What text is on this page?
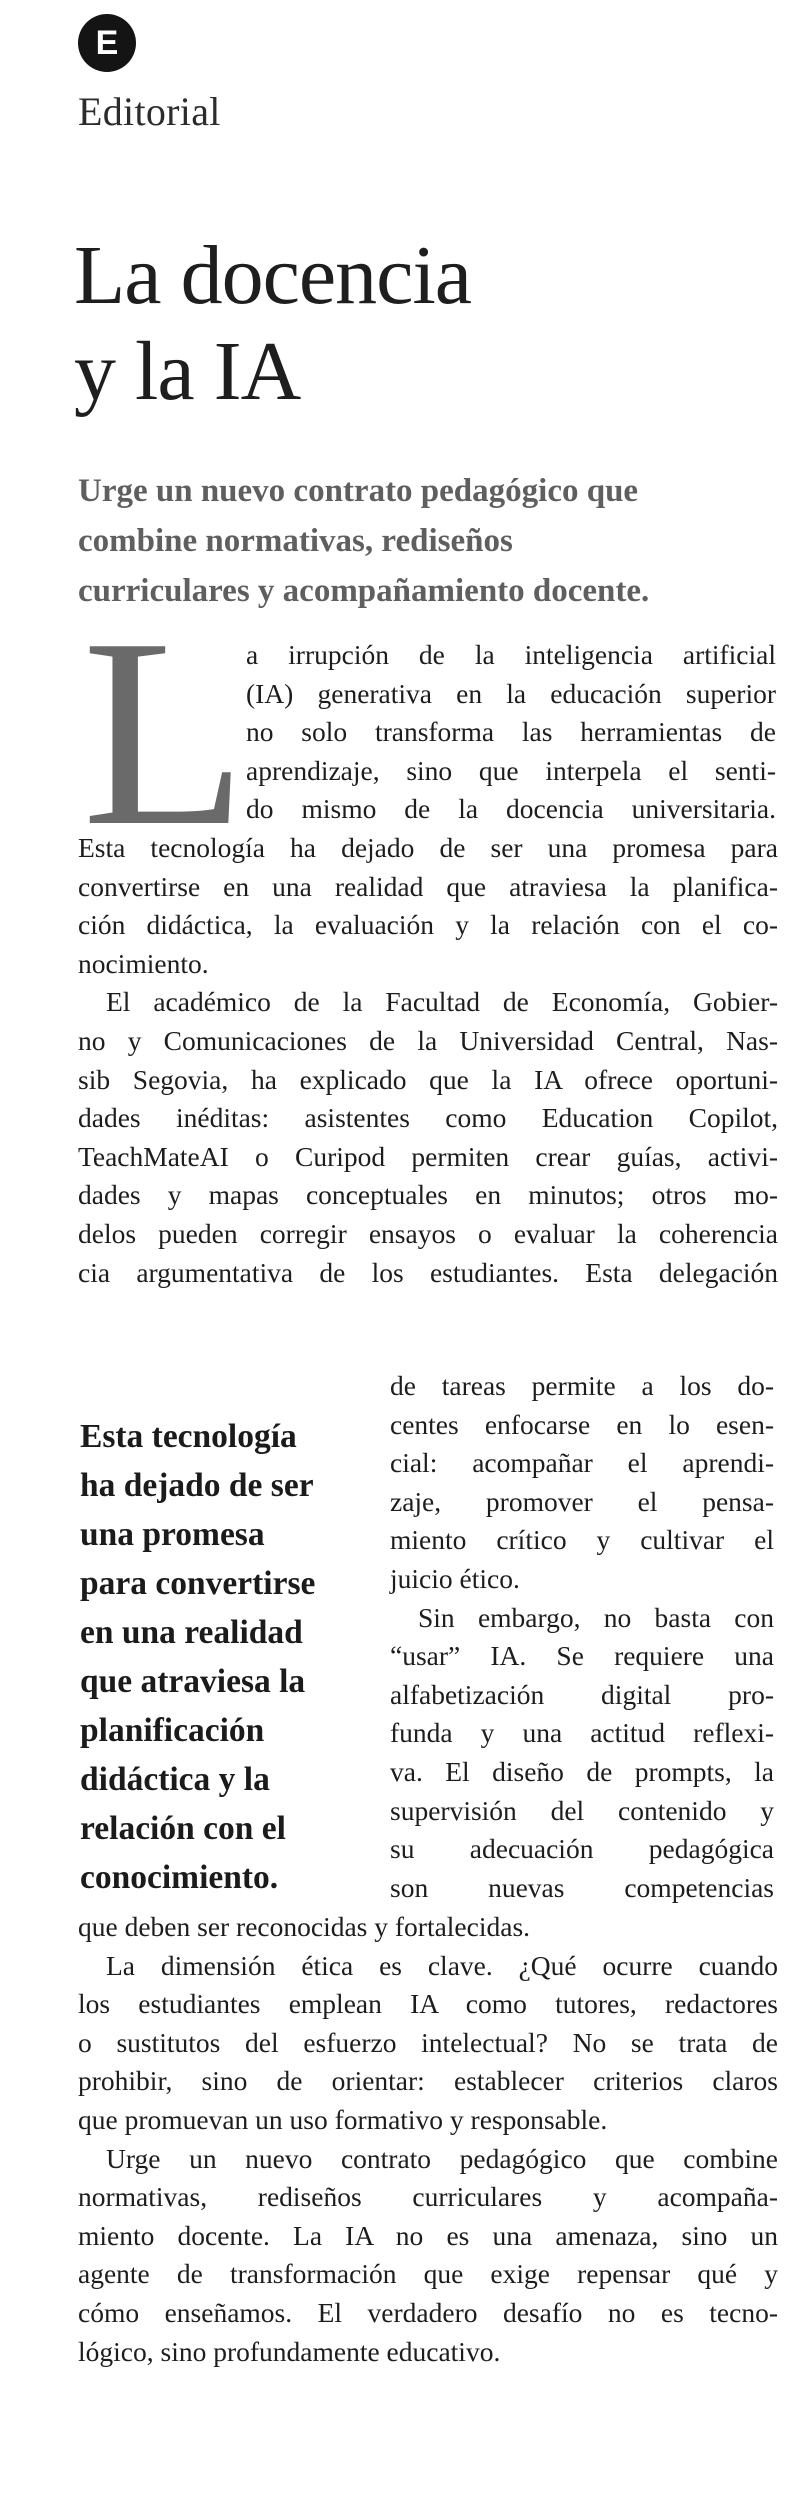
E
Editorial
La docencia
y la IA

Urge un nuevo contrato pedagógico que
combine normativas, rediseños
curriculares y acompañamiento docente.

L a irrupción de la inteligencia artificial
(IA) generativa en la educación superior
no solo transforma las herramientas de
aprendizaje, sino que interpela el senti-
do mismo de la docencia universitaria.
Esta tecnología ha dejado de ser una promesa para
convertirse en una realidad que atraviesa la planifica-
ción didáctica, la evaluación y la relación con el co-
nocimiento.
El académico de la Facultad de Economía, Gobier-
no y Comunicaciones de la Universidad Central, Nas-
sib Segovia, ha explicado que la IA ofrece oportuni-
dades inéditas: asistentes como Education Copilot,
TeachMateAI o Curipod permiten crear guías, activi-
dades y mapas conceptuales en minutos; otros mo-
delos pueden corregir ensayos o evaluar la coherencia
cia argumentativa de los estudiantes. Esta delegación

Esta tecnología
ha dejado de ser
una promesa
para convertirse
en una realidad
que atraviesa la
planificación
didáctica y la
relación con el
conocimiento.

de tareas permite a los do-
centes enfocarse en lo esen-
cial: acompañar el aprendi-
zaje, promover el pensa-
miento crítico y cultivar el
juicio ético.
Sin embargo, no basta con
“usar” IA. Se requiere una
alfabetización digital pro-
funda y una actitud reflexi-
va. El diseño de prompts, la
supervisión del contenido y
su adecuación pedagógica
son nuevas competencias
que deben ser reconocidas y fortalecidas.
La dimensión ética es clave. ¿Qué ocurre cuando
los estudiantes emplean IA como tutores, redactores
o sustitutos del esfuerzo intelectual? No se trata de
prohibir, sino de orientar: establecer criterios claros
que promuevan un uso formativo y responsable.
Urge un nuevo contrato pedagógico que combine
normativas, rediseños curriculares y acompaña-
miento docente. La IA no es una amenaza, sino un
agente de transformación que exige repensar qué y
cómo enseñamos. El verdadero desafío no es tecno-
lógico, sino profundamente educativo.
